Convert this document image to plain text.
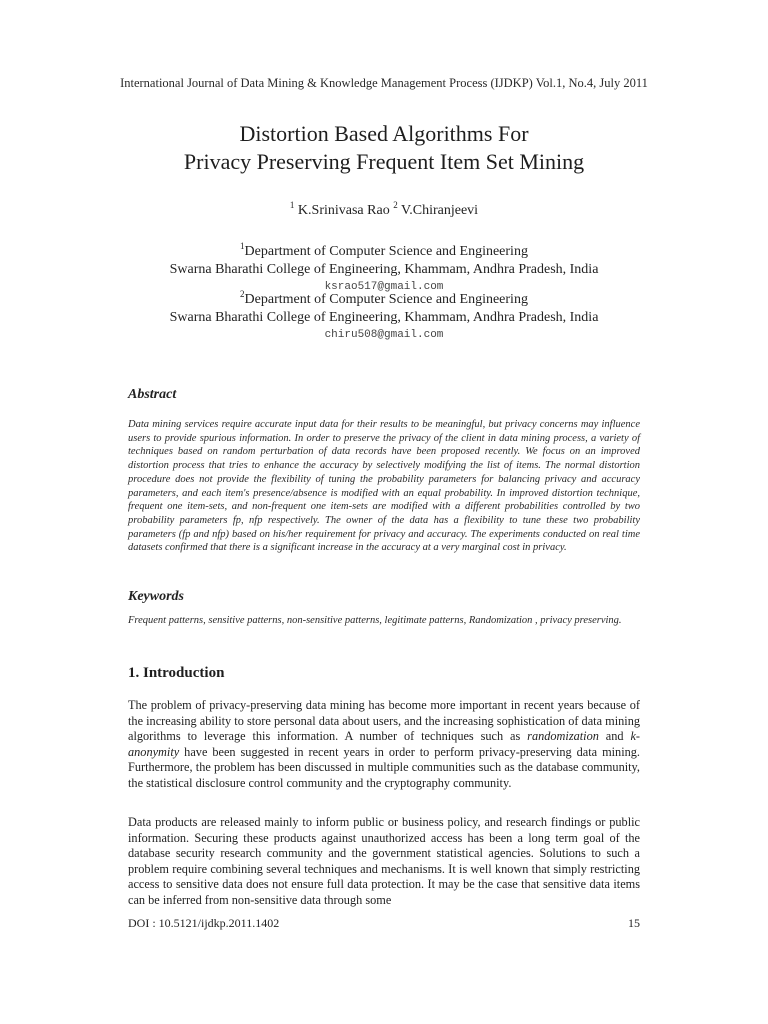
International Journal of Data Mining & Knowledge Management Process (IJDKP) Vol.1, No.4, July 2011
Distortion Based Algorithms For
Privacy Preserving Frequent Item Set Mining
$^1$ K.Srinivasa Rao $^2$ V.Chiranjeevi
$^1$Department of Computer Science and Engineering
Swarna Bharathi College of Engineering, Khammam, Andhra Pradesh, India
ksrao517@gmail.com
$^2$Department of Computer Science and Engineering
Swarna Bharathi College of Engineering, Khammam, Andhra Pradesh, India
chiru508@gmail.com
Abstract
Data mining services require accurate input data for their results to be meaningful, but privacy concerns may influence users to provide spurious information. In order to preserve the privacy of the client in data mining process, a variety of techniques based on random perturbation of data records have been proposed recently. We focus on an improved distortion process that tries to enhance the accuracy by selectively modifying the list of items. The normal distortion procedure does not provide the flexibility of tuning the probability parameters for balancing privacy and accuracy parameters, and each item's presence/absence is modified with an equal probability. In improved distortion technique, frequent one item-sets, and non-frequent one item-sets are modified with a different probabilities controlled by two probability parameters fp, nfp respectively. The owner of the data has a flexibility to tune these two probability parameters (fp and nfp) based on his/her requirement for privacy and accuracy. The experiments conducted on real time datasets confirmed that there is a significant increase in the accuracy at a very marginal cost in privacy.
Keywords
Frequent patterns, sensitive patterns, non-sensitive patterns, legitimate patterns, Randomization , privacy preserving.
1. Introduction
The problem of privacy-preserving data mining has become more important in recent years because of the increasing ability to store personal data about users, and the increasing sophistication of data mining algorithms to leverage this information. A number of techniques such as randomization and k-anonymity have been suggested in recent years in order to perform privacy-preserving data mining. Furthermore, the problem has been discussed in multiple communities such as the database community, the statistical disclosure control community and the cryptography community.
Data products are released mainly to inform public or business policy, and research findings or public information. Securing these products against unauthorized access has been a long term goal of the database security research community and the government statistical agencies. Solutions to such a problem require combining several techniques and mechanisms. It is well known that simply restricting access to sensitive data does not ensure full data protection. It may be the case that sensitive data items can be inferred from non-sensitive data through some
DOI : 10.5121/ijdkp.2011.1402	15
